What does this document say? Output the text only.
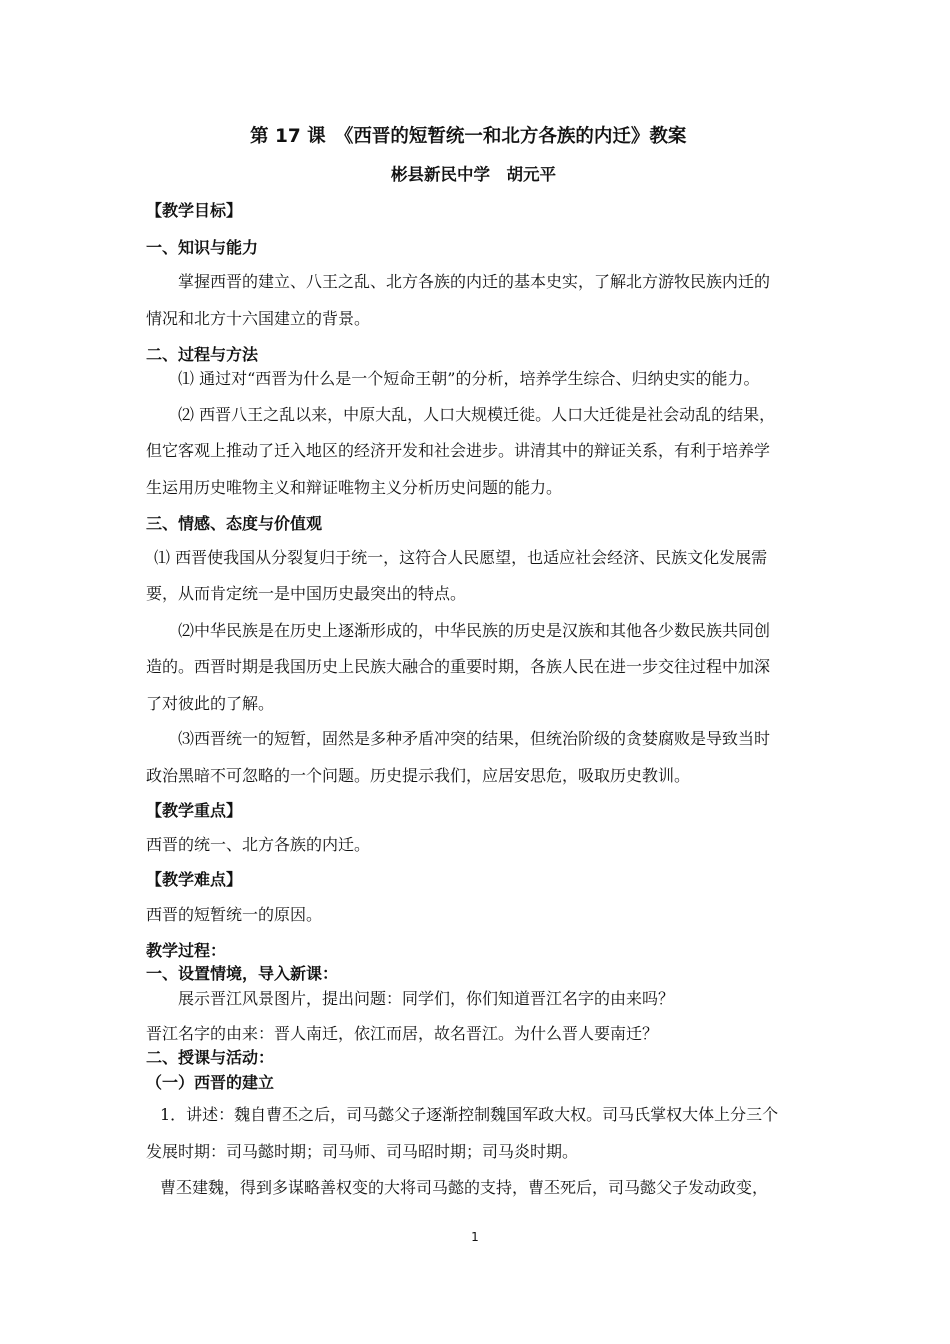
第 17 课　《西晋的短暂统一和北方各族的内迁》教案
彬县新民中学　胡元平
【教学目标】
一、知识与能力
掌握西晋的建立、八王之乱、北方各族的内迁的基本史实，了解北方游牧民族内迁的
情况和北方十六国建立的背景。
二、过程与方法
⑴ 通过对“西晋为什么是一个短命王朝”的分析，培养学生综合、归纳史实的能力。
⑵ 西晋八王之乱以来，中原大乱，人口大规模迁徙。人口大迁徙是社会动乱的结果，
但它客观上推动了迁入地区的经济开发和社会进步。讲清其中的辩证关系，有利于培养学
生运用历史唯物主义和辩证唯物主义分析历史问题的能力。
三、情感、态度与价值观
⑴ 西晋使我国从分裂复归于统一，这符合人民愿望，也适应社会经济、民族文化发展需
要，从而肯定统一是中国历史最突出的特点。
⑵中华民族是在历史上逐渐形成的，中华民族的历史是汉族和其他各少数民族共同创
造的。西晋时期是我国历史上民族大融合的重要时期，各族人民在进一步交往过程中加深
了对彼此的了解。
⑶西晋统一的短暂，固然是多种矛盾冲突的结果，但统治阶级的贪婪腐败是导致当时
政治黑暗不可忽略的一个问题。历史提示我们，应居安思危，吸取历史教训。
【教学重点】
西晋的统一、北方各族的内迁。
【教学难点】
西晋的短暂统一的原因。
教学过程：
一、设置情境，导入新课：
展示晋江风景图片，提出问题：同学们，你们知道晋江名字的由来吗？
晋江名字的由来：晋人南迁，依江而居，故名晋江。为什么晋人要南迁？
二、授课与活动：
（一）西晋的建立
1．讲述：魏自曹丕之后，司马懿父子逐渐控制魏国军政大权。司马氏掌权大体上分三个
发展时期：司马懿时期；司马师、司马昭时期；司马炎时期。
曹丕建魏，得到多谋略善权变的大将司马懿的支持，曹丕死后，司马懿父子发动政变，
1
